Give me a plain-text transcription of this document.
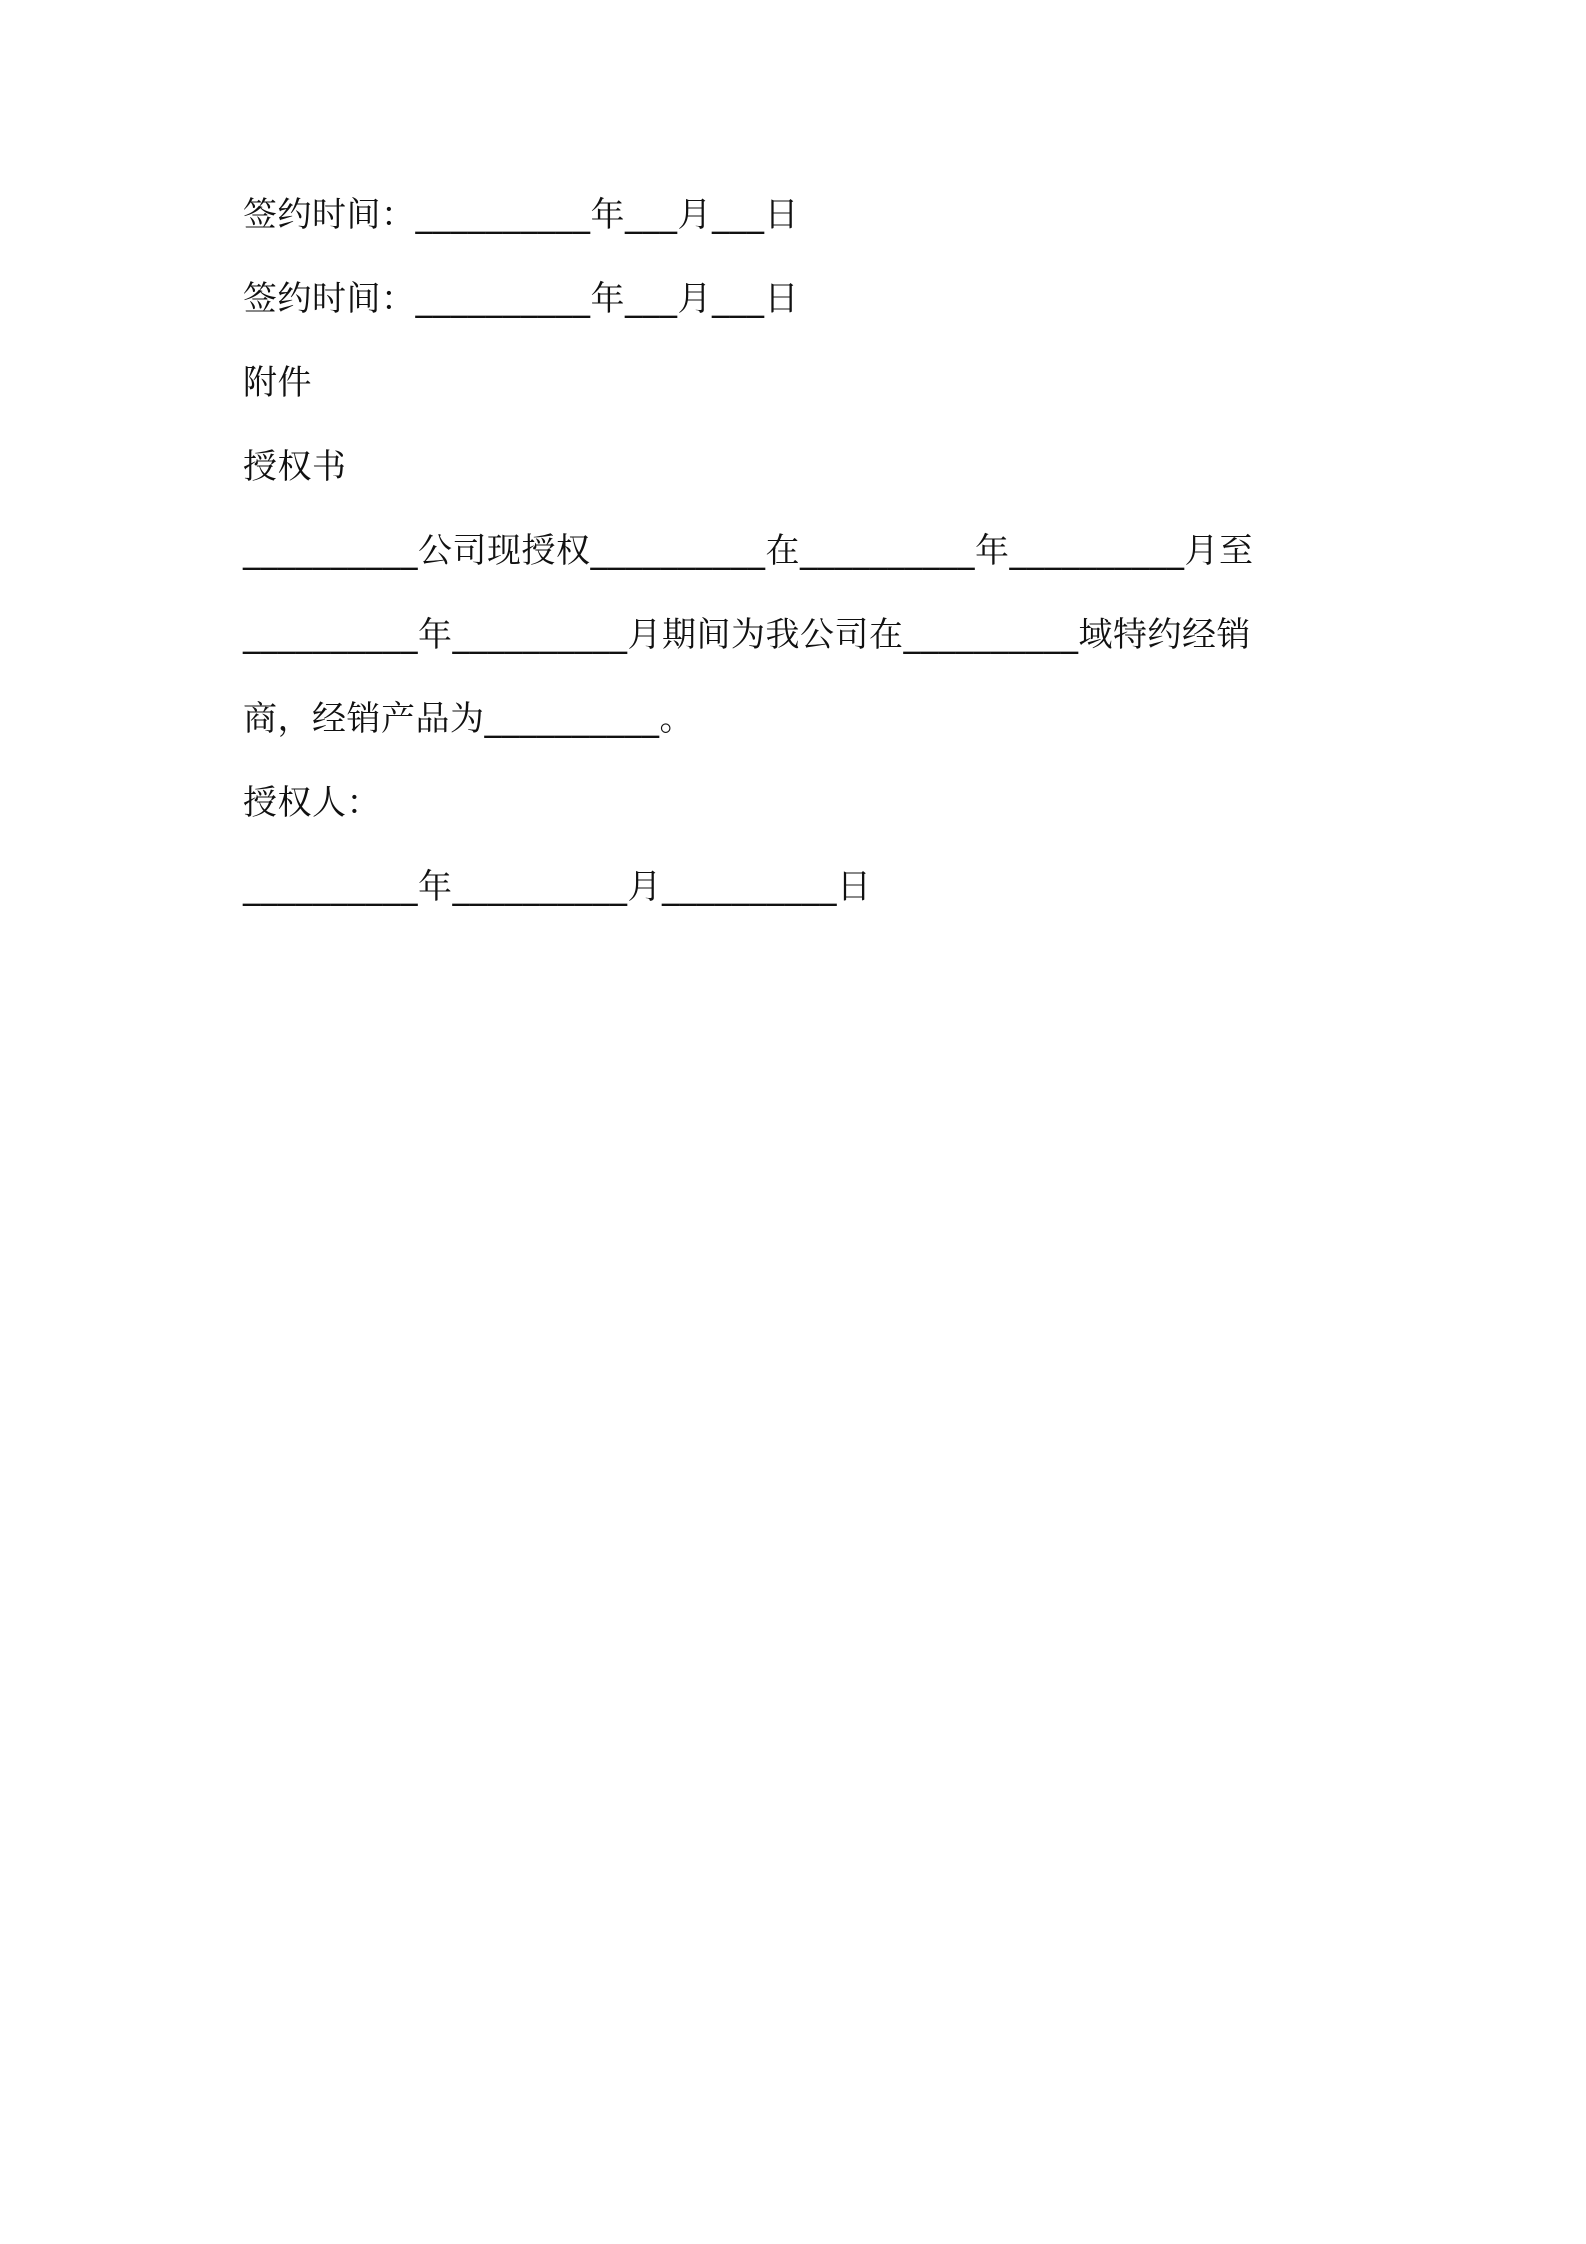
签约时间：__________年___月___日
签约时间：__________年___月___日
附件
授权书
__________公司现授权__________在__________年__________月至
__________年__________月期间为我公司在__________域特约经销
商，经销产品为__________。
授权人：
__________年__________月__________日
